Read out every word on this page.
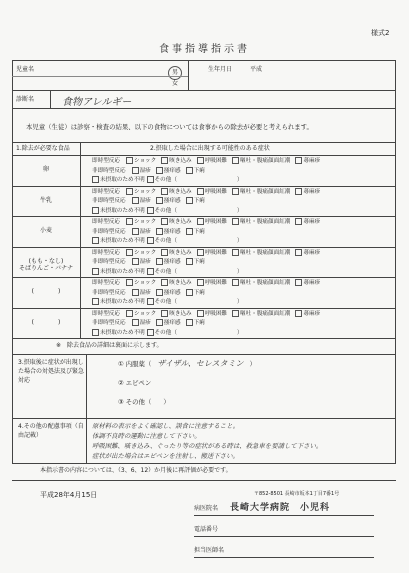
様式2
食事指導指示書
児童名	男
女
生年月日	平成
診断名	食物アレルギー
本児童（生徒）は診察・検査の結果、以下の食物については食事からの除去が必要と考えられます。
1.除去が必要な食品	2.摂取した場合に出現する可能性のある症状
卵
即時型反応	ショック 咳き込み 呼吸困難 嘔吐・腹痛顔面紅潮 蕁麻疹
非即時型反応	湿疹 掻痒感 下痢
未摂取のため不明 その他（	）
牛乳
即時型反応	ショック 咳き込み 呼吸困難 嘔吐・腹痛顔面紅潮 蕁麻疹
非即時型反応	湿疹 掻痒感 下痢
未摂取のため不明 その他（	）
小麦
即時型反応	ショック 咳き込み 呼吸困難 嘔吐・腹痛顔面紅潮 蕁麻疹
非即時型反応	湿疹 掻痒感 下痢
未摂取のため不明 その他（	）
(もも・なし)
そばりんご・バナナ
即時型反応	ショック 咳き込み 呼吸困難 嘔吐・腹痛顔面紅潮 蕁麻疹
非即時型反応	湿疹 掻痒感 下痢
未摂取のため不明 その他（	）
(　　　　)
即時型反応	ショック 咳き込み 呼吸困難 嘔吐・腹痛顔面紅潮 蕁麻疹
非即時型反応	湿疹 掻痒感 下痢
未摂取のため不明 その他（	）
(　　　　)
即時型反応	ショック 咳き込み 呼吸困難 嘔吐・腹痛顔面紅潮 蕁麻疹
非即時型反応	湿疹 掻痒感 下痢
未摂取のため不明 その他（	）
※　除去食品の詳細は裏面に示します。
3.摂取後に症状が出現した場合の対処法及び緊急対応
① 内服薬（ ザイザル、セレスタミン ）
② エピペン
③ その他（ ）
4.その他の配慮事項（自由記載）
原材料の表示をよく確認し、誤食に注意すること。
体調不良時の運動に注意して下さい。
呼吸困難、咳き込み、ぐったり等の症状がある時は、救急車を要請して下さい。
症状が出た場合はエピペンを注射し、搬送下さい。
本指示書の内容については、（3、6、12）か月後に再評価が必要です。
平成28年4月15日	〒852-8501 長崎市坂本1丁目7番1号
病医院名 長崎大学病院　小児科
電話番号
担当医師名
